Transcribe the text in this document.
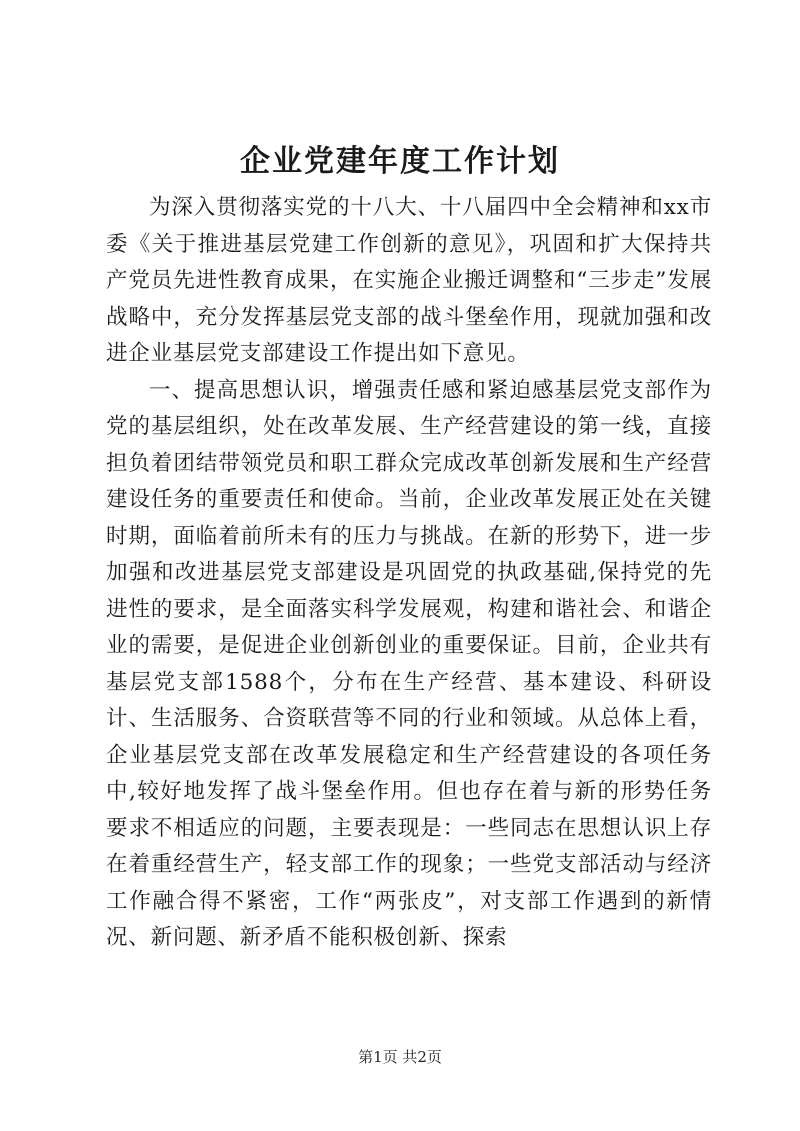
企业党建年度工作计划

为深入贯彻落实党的十八大、十八届四中全会精神和xx市委《关于推进基层党建工作创新的意见》，巩固和扩大保持共产党员先进性教育成果，在实施企业搬迁调整和“三步走”发展战略中，充分发挥基层党支部的战斗堡垒作用，现就加强和改进企业基层党支部建设工作提出如下意见。

一、提高思想认识，增强责任感和紧迫感基层党支部作为党的基层组织，处在改革发展、生产经营建设的第一线，直接担负着团结带领党员和职工群众完成改革创新发展和生产经营建设任务的重要责任和使命。当前，企业改革发展正处在关键时期，面临着前所未有的压力与挑战。在新的形势下，进一步加强和改进基层党支部建设是巩固党的执政基础,保持党的先进性的要求，是全面落实科学发展观，构建和谐社会、和谐企业的需要，是促进企业创新创业的重要保证。目前，企业共有基层党支部1588个，分布在生产经营、基本建设、科研设计、生活服务、合资联营等不同的行业和领域。从总体上看，企业基层党支部在改革发展稳定和生产经营建设的各项任务中,较好地发挥了战斗堡垒作用。但也存在着与新的形势任务要求不相适应的问题，主要表现是：一些同志在思想认识上存在着重经营生产，轻支部工作的现象；一些党支部活动与经济工作融合得不紧密，工作“两张皮”，对支部工作遇到的新情况、新问题、新矛盾不能积极创新、探索

第1页 共2页
